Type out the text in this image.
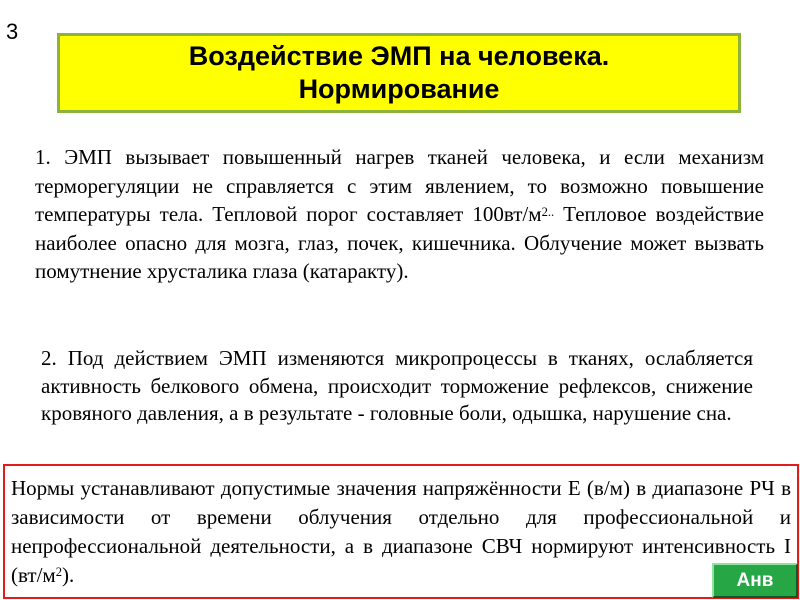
3
Воздействие ЭМП на человека.
Нормирование
1. ЭМП вызывает повышенный нагрев тканей человека, и если механизм терморегуляции не справляется с этим явлением, то возможно повышение температуры тела. Тепловой порог составляет $100вт/м^{2..}$ Тепловое воздействие наиболее опасно для мозга, глаз, почек, кишечника. Облучение может вызвать помутнение хрусталика глаза (катаракту).
2. Под действием ЭМП изменяются микропроцессы в тканях, ослабляется активность белкового обмена, происходит торможение рефлексов, снижение кровяного давления, а в результате - головные боли, одышка, нарушение сна.
Нормы устанавливают допустимые значения напряжённости Е (в/м) в диапазоне РЧ в зависимости от времени облучения отдельно для профессиональной и непрофессиональной деятельности, а в диапазоне СВЧ нормируют интенсивность I $(вт/м^2)$.	Анв
